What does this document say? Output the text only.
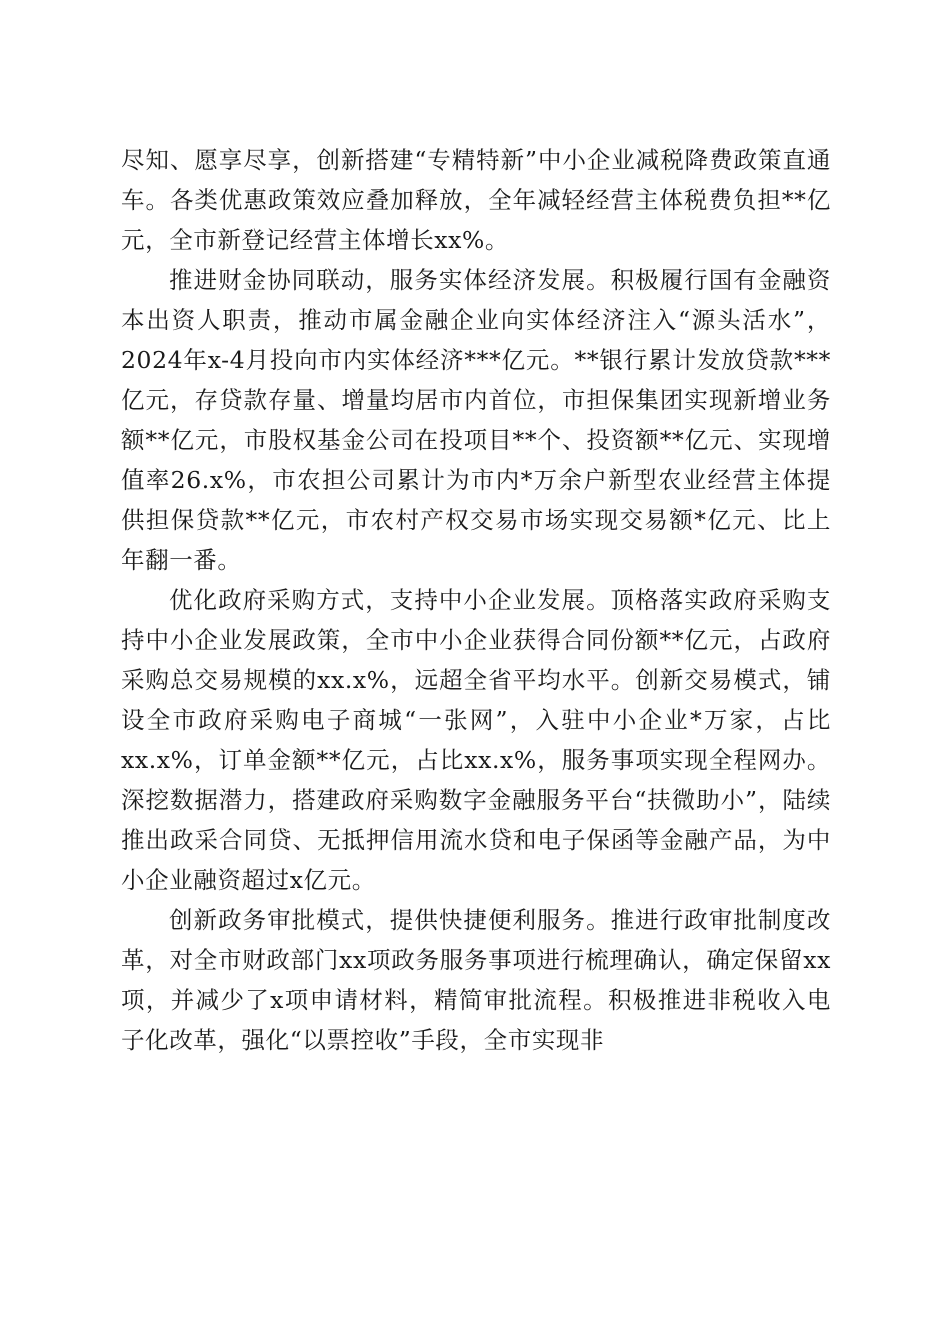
尽知、愿享尽享，创新搭建“专精特新”中小企业减税降费政策直通车。各类优惠政策效应叠加释放，全年减轻经营主体税费负担**亿元，全市新登记经营主体增长xx%。

推进财金协同联动，服务实体经济发展。积极履行国有金融资本出资人职责，推动市属金融企业向实体经济注入“源头活水”，2024年x-4月投向市内实体经济***亿元。**银行累计发放贷款***亿元，存贷款存量、增量均居市内首位，市担保集团实现新增业务额**亿元，市股权基金公司在投项目**个、投资额**亿元、实现增值率26.x%，市农担公司累计为市内*万余户新型农业经营主体提供担保贷款**亿元，市农村产权交易市场实现交易额*亿元、比上年翻一番。

优化政府采购方式，支持中小企业发展。顶格落实政府采购支持中小企业发展政策，全市中小企业获得合同份额**亿元，占政府采购总交易规模的xx.x%，远超全省平均水平。创新交易模式，铺设全市政府采购电子商城“一张网”，入驻中小企业*万家，占比xx.x%，订单金额**亿元，占比xx.x%，服务事项实现全程网办。深挖数据潜力，搭建政府采购数字金融服务平台“扶微助小”，陆续推出政采合同贷、无抵押信用流水贷和电子保函等金融产品，为中小企业融资超过x亿元。

创新政务审批模式，提供快捷便利服务。推进行政审批制度改革，对全市财政部门xx项政务服务事项进行梳理确认，确定保留xx项，并减少了x项申请材料，精简审批流程。积极推进非税收入电子化改革，强化“以票控收”手段，全市实现非
